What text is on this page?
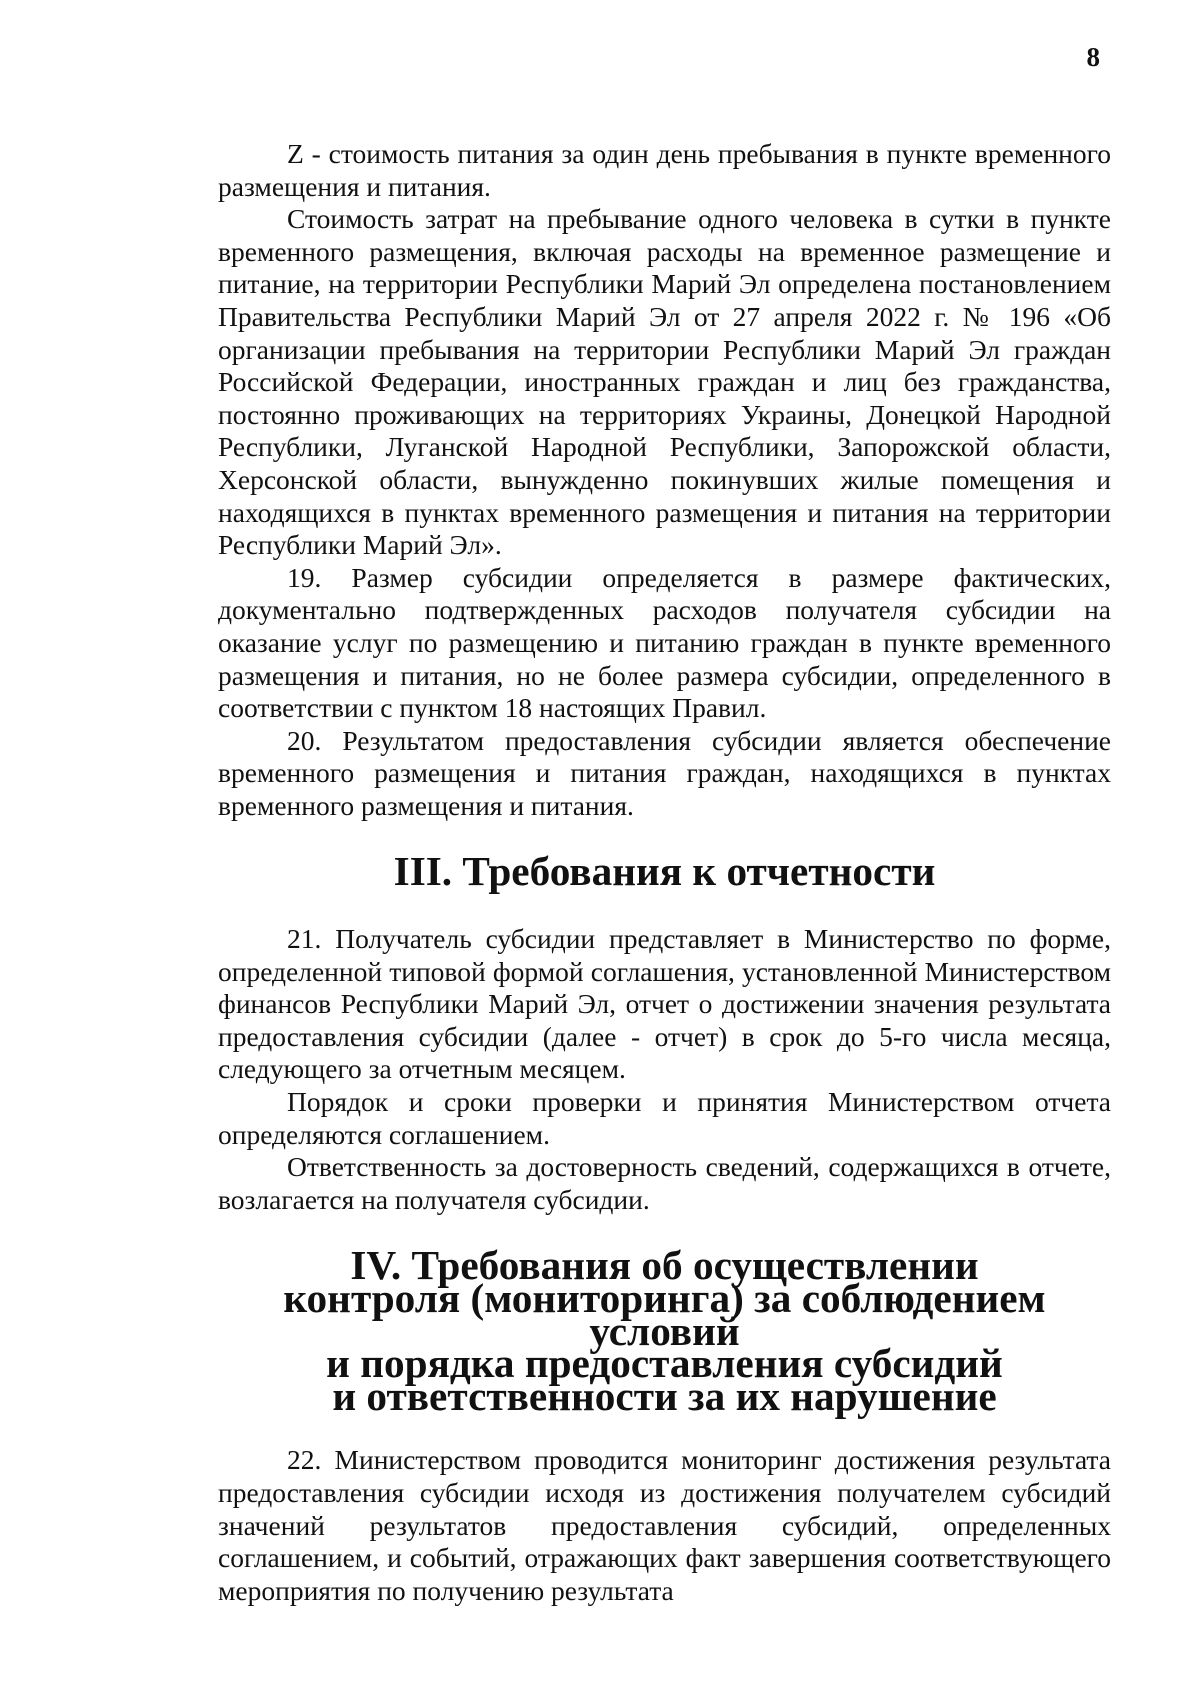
8

Z - стоимость питания за один день пребывания в пункте временного размещения и питания.

Стоимость затрат на пребывание одного человека в сутки в пункте временного размещения, включая расходы на временное размещение и питание, на территории Республики Марий Эл определена постановлением Правительства Республики Марий Эл от 27 апреля 2022 г. № 196 «Об организации пребывания на территории Республики Марий Эл граждан Российской Федерации, иностранных граждан и лиц без гражданства, постоянно проживающих на территориях Украины, Донецкой Народной Республики, Луганской Народной Республики, Запорожской области, Херсонской области, вынужденно покинувших жилые помещения и находящихся в пунктах временного размещения и питания на территории Республики Марий Эл».

19. Размер субсидии определяется в размере фактических, документально подтвержденных расходов получателя субсидии на оказание услуг по размещению и питанию граждан в пункте временного размещения и питания, но не более размера субсидии, определенного в соответствии с пунктом 18 настоящих Правил.

20. Результатом предоставления субсидии является обеспечение временного размещения и питания граждан, находящихся в пунктах временного размещения и питания.

III. Требования к отчетности

21. Получатель субсидии представляет в Министерство по форме, определенной типовой формой соглашения, установленной Министерством финансов Республики Марий Эл, отчет о достижении значения результата предоставления субсидии (далее - отчет) в срок до 5-го числа месяца, следующего за отчетным месяцем.

Порядок и сроки проверки и принятия Министерством отчета определяются соглашением.

Ответственность за достоверность сведений, содержащихся в отчете, возлагается на получателя субсидии.

IV. Требования об осуществлении
контроля (мониторинга) за соблюдением условий
и порядка предоставления субсидий
и ответственности за их нарушение

22. Министерством проводится мониторинг достижения результата предоставления субсидии исходя из достижения получателем субсидий значений результатов предоставления субсидий, определенных соглашением, и событий, отражающих факт завершения соответствующего мероприятия по получению результата
